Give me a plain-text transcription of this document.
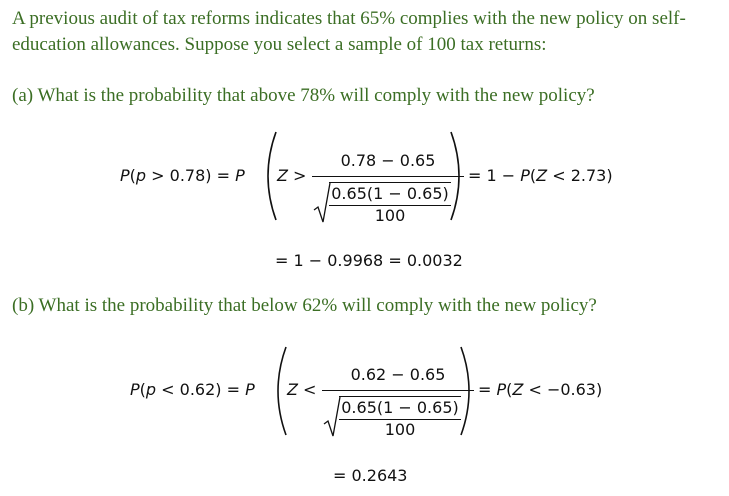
A previous audit of tax reforms indicates that 65% complies with the new policy on self-education allowances. Suppose you select a sample of 100 tax returns:
(a) What is the probability that above 78% will comply with the new policy?
P(p > 0.78) = P Z >
0.78 − 0.65
0.65(1 − 0.65)
100
= 1 − P(Z < 2.73)
= 1 − 0.9968 = 0.0032
(b) What is the probability that below 62% will comply with the new policy?
P(p < 0.62) = P Z <
0.62 − 0.65
0.65(1 − 0.65)
100
= P(Z < −0.63)
= 0.2643
